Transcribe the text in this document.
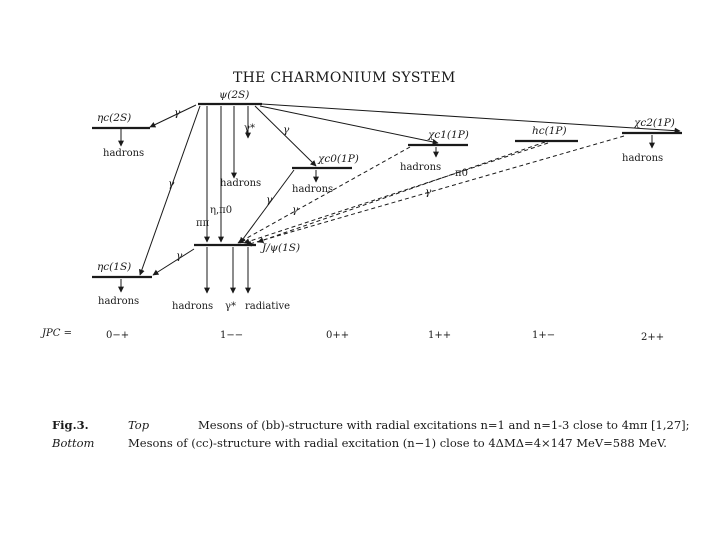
THE CHARMONIUM SYSTEM
ψ(2S)
ηc(2S)
χc0(1P)
χc1(1P)	hc(1P)
χc2(1P)
J/ψ(1S)
ηc(1S)
hadrons
hadrons
hadrons
hadrons
hadrons
hadrons	hadrons γ* radiative
γ*
η,π0
ππ
π0
γ
γ
γ
γ
γ
γ
γ
JPC =	0−+	1−−	0++	1++	1+−	2++
Fig.3.	Top	Mesons of (bb)-structure with radial excitations n=1 and n=1-3 close to 4mπ [1,27];
Bottom	Mesons of (cc)-structure with radial excitation (n−1) close to 4ΔMΔ=4×147 MeV=588 MeV.
